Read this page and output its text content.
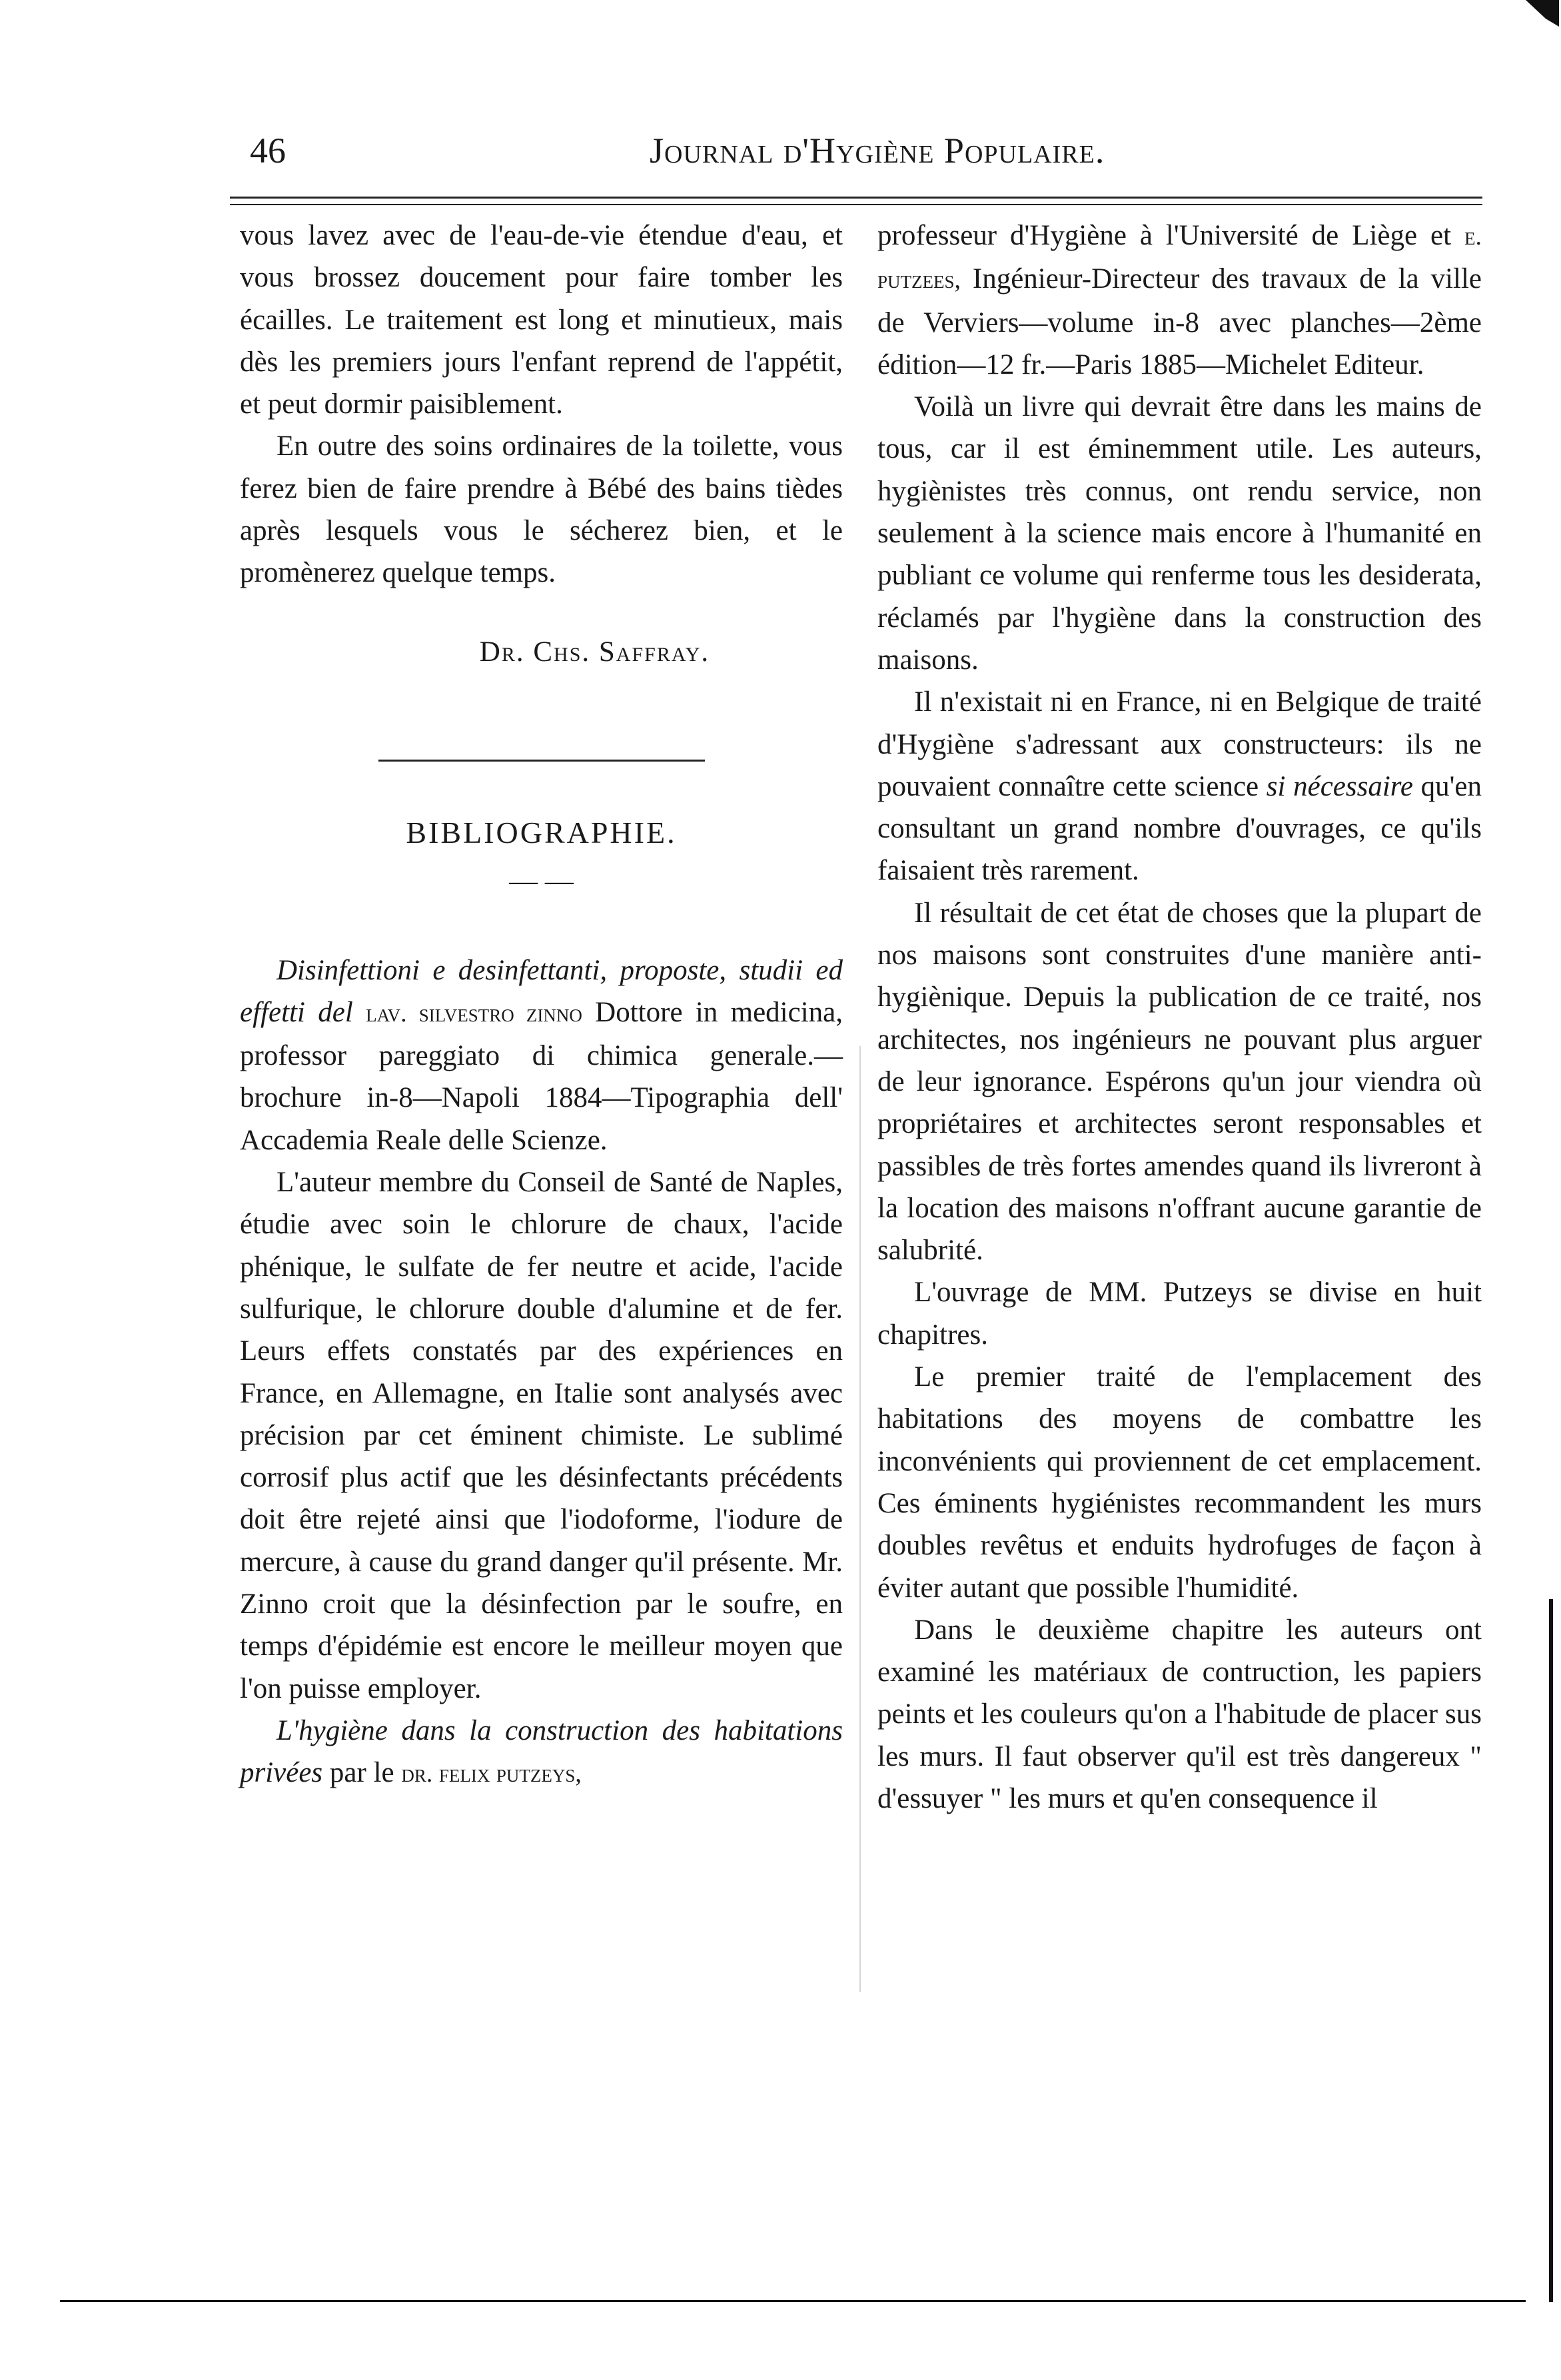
46	Journal d'Hygiène Populaire.

vous lavez avec de l'eau-de-vie étendue d'eau, et vous brossez doucement pour faire tomber les écailles. Le traitement est long et minutieux, mais dès les premiers jours l'enfant reprend de l'appétit, et peut dormir paisiblement.

En outre des soins ordinaires de la toilette, vous ferez bien de faire prendre à Bébé des bains tièdes après lesquels vous le sécherez bien, et le promènerez quelque temps.

Dr. Chs. Saffray.

BIBLIOGRAPHIE.

— —

Disinfettioni e desinfettanti, proposte, studii ed effetti del lav. silvestro zinno Dottore in medicina, professor pareggiato di chimica generale.—brochure in-8—Napoli 1884—Tipographia dell' Accademia Reale delle Scienze.

L'auteur membre du Conseil de Santé de Naples, étudie avec soin le chlorure de chaux, l'acide phénique, le sulfate de fer neutre et acide, l'acide sulfurique, le chlorure double d'alumine et de fer. Leurs effets constatés par des expériences en France, en Allemagne, en Italie sont analysés avec précision par cet éminent chimiste. Le sublimé corrosif plus actif que les désinfectants précédents doit être rejeté ainsi que l'iodoforme, l'iodure de mercure, à cause du grand danger qu'il présente. Mr. Zinno croit que la désinfection par le soufre, en temps d'épidémie est encore le meilleur moyen que l'on puisse employer.

L'hygiène dans la construction des habitations privées par le dr. felix putzeys,

professeur d'Hygiène à l'Université de Liège et e. putzees, Ingénieur-Directeur des travaux de la ville de Verviers—volume in-8 avec planches—2ème édition—12 fr.—Paris 1885—Michelet Editeur.

Voilà un livre qui devrait être dans les mains de tous, car il est éminemment utile. Les auteurs, hygiènistes très connus, ont rendu service, non seulement à la science mais encore à l'humanité en publiant ce volume qui renferme tous les desiderata, réclamés par l'hygiène dans la construction des maisons.

Il n'existait ni en France, ni en Belgique de traité d'Hygiène s'adressant aux constructeurs: ils ne pouvaient connaître cette science si nécessaire qu'en consultant un grand nombre d'ouvrages, ce qu'ils faisaient très rarement.

Il résultait de cet état de choses que la plupart de nos maisons sont construites d'une manière anti-hygiènique. Depuis la publication de ce traité, nos architectes, nos ingénieurs ne pouvant plus arguer de leur ignorance. Espérons qu'un jour viendra où propriétaires et architectes seront responsables et passibles de très fortes amendes quand ils livreront à la location des maisons n'offrant aucune garantie de salubrité.

L'ouvrage de MM. Putzeys se divise en huit chapitres.

Le premier traité de l'emplacement des habitations des moyens de combattre les inconvénients qui proviennent de cet emplacement. Ces éminents hygiénistes recommandent les murs doubles revêtus et enduits hydrofuges de façon à éviter autant que possible l'humidité.

Dans le deuxième chapitre les auteurs ont examiné les matériaux de contruction, les papiers peints et les couleurs qu'on a l'habitude de placer sus les murs. Il faut observer qu'il est très dangereux " d'essuyer " les murs et qu'en consequence il
